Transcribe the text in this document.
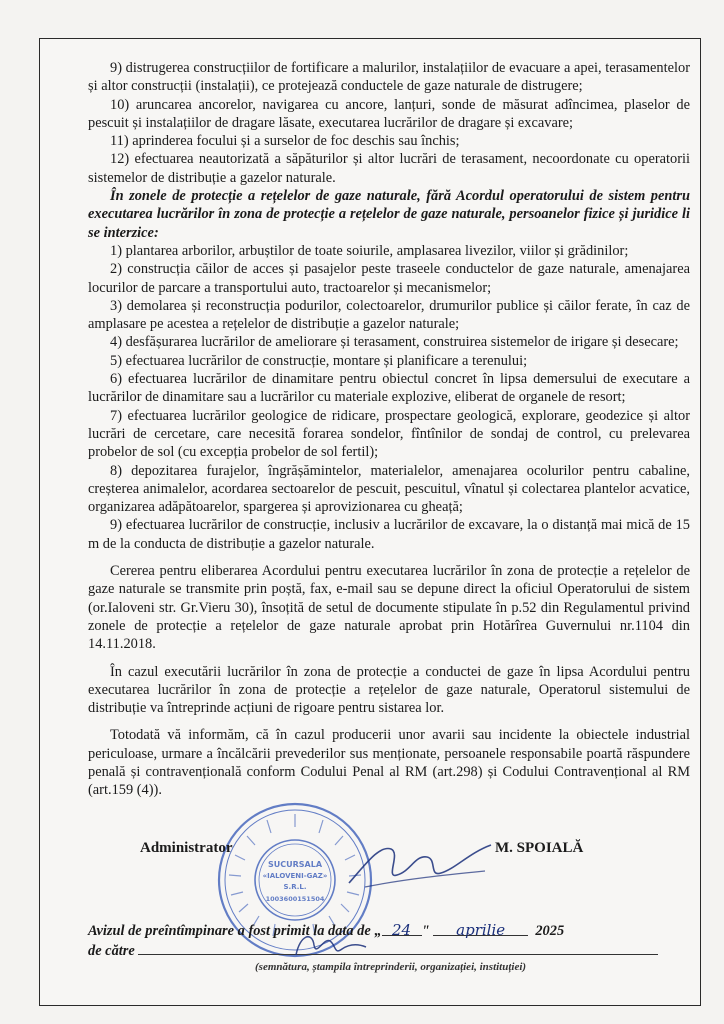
9) distrugerea construcțiilor de fortificare a malurilor, instalațiilor de evacuare a apei, terasamentelor și altor construcții (instalații), ce protejează conductele de gaze naturale de distrugere;

10) aruncarea ancorelor, navigarea cu ancore, lanțuri, sonde de măsurat adîncimea, plaselor de pescuit și instalațiilor de dragare lăsate, executarea lucrărilor de dragare și excavare;

11) aprinderea focului și a surselor de foc deschis sau închis;

12) efectuarea neautorizată a săpăturilor și altor lucrări de terasament, necoordonate cu operatorii sistemelor de distribuție a gazelor naturale.

În zonele de protecție a rețelelor de gaze naturale, fără Acordul operatorului de sistem pentru executarea lucrărilor în zona de protecție a rețelelor de gaze naturale, persoanelor fizice și juridice li se interzice:

1) plantarea arborilor, arbuștilor de toate soiurile, amplasarea livezilor, viilor și grădinilor;

2) construcția căilor de acces și pasajelor peste traseele conductelor de gaze naturale, amenajarea locurilor de parcare a transportului auto, tractoarelor și mecanismelor;

3) demolarea și reconstrucția podurilor, colectoarelor, drumurilor publice și căilor ferate, în caz de amplasare pe acestea a rețelelor de distribuție a gazelor naturale;

4) desfășurarea lucrărilor de ameliorare și terasament, construirea sistemelor de irigare și desecare;

5) efectuarea lucrărilor de construcție, montare și planificare a terenului;

6) efectuarea lucrărilor de dinamitare pentru obiectul concret în lipsa demersului de executare a lucrărilor de dinamitare sau a lucrărilor cu materiale explozive, eliberat de organele de resort;

7) efectuarea lucrărilor geologice de ridicare, prospectare geologică, explorare, geodezice și altor lucrări de cercetare, care necesită forarea sondelor, fîntînilor de sondaj de control, cu prelevarea probelor de sol (cu excepția probelor de sol fertil);

8) depozitarea furajelor, îngrășămintelor, materialelor, amenajarea ocolurilor pentru cabaline, creșterea animalelor, acordarea sectoarelor de pescuit, pescuitul, vînatul și colectarea plantelor acvatice, organizarea adăpătoarelor, spargerea și aprovizionarea cu gheață;

9) efectuarea lucrărilor de construcție, inclusiv a lucrărilor de excavare, la o distanță mai mică de 15 m de la conducta de distribuție a gazelor naturale.

Cererea pentru eliberarea Acordului pentru executarea lucrărilor în zona de protecție a rețelelor de gaze naturale se transmite prin poștă, fax, e-mail sau se depune direct la oficiul Operatorului de sistem (or.Ialoveni str. Gr.Vieru 30), însoțită de setul de documente stipulate în p.52 din Regulamentul privind zonele de protecție a rețelelor de gaze naturale aprobat prin Hotărîrea Guvernului nr.1104 din 14.11.2018.

În cazul executării lucrărilor în zona de protecție a conductei de gaze în lipsa Acordului pentru executarea lucrărilor în zona de protecție a rețelelor de gaze naturale, Operatorul sistemului de distribuție va întreprinde acțiuni de rigoare pentru sistarea lor.

Totodată vă informăm, că în cazul producerii unor avarii sau incidente la obiectele industrial periculoase, urmare a încălcării prevederilor sus menționate, persoanele responsabile poartă răspundere penală și contravențională conform Codului Penal al RM (art.298) și Codului Contravențional al RM (art.159 (4)).

SUCURSALA
«IALOVENI-GAZ»
S.R.L.
1003600151504
Administrator	M. SPOIALĂ
Avizul de preîntîmpinare a fost primit la data de „ 24 " aprilie 2025
de către
(semnătura, ștampila întreprinderii, organizației, instituției)
